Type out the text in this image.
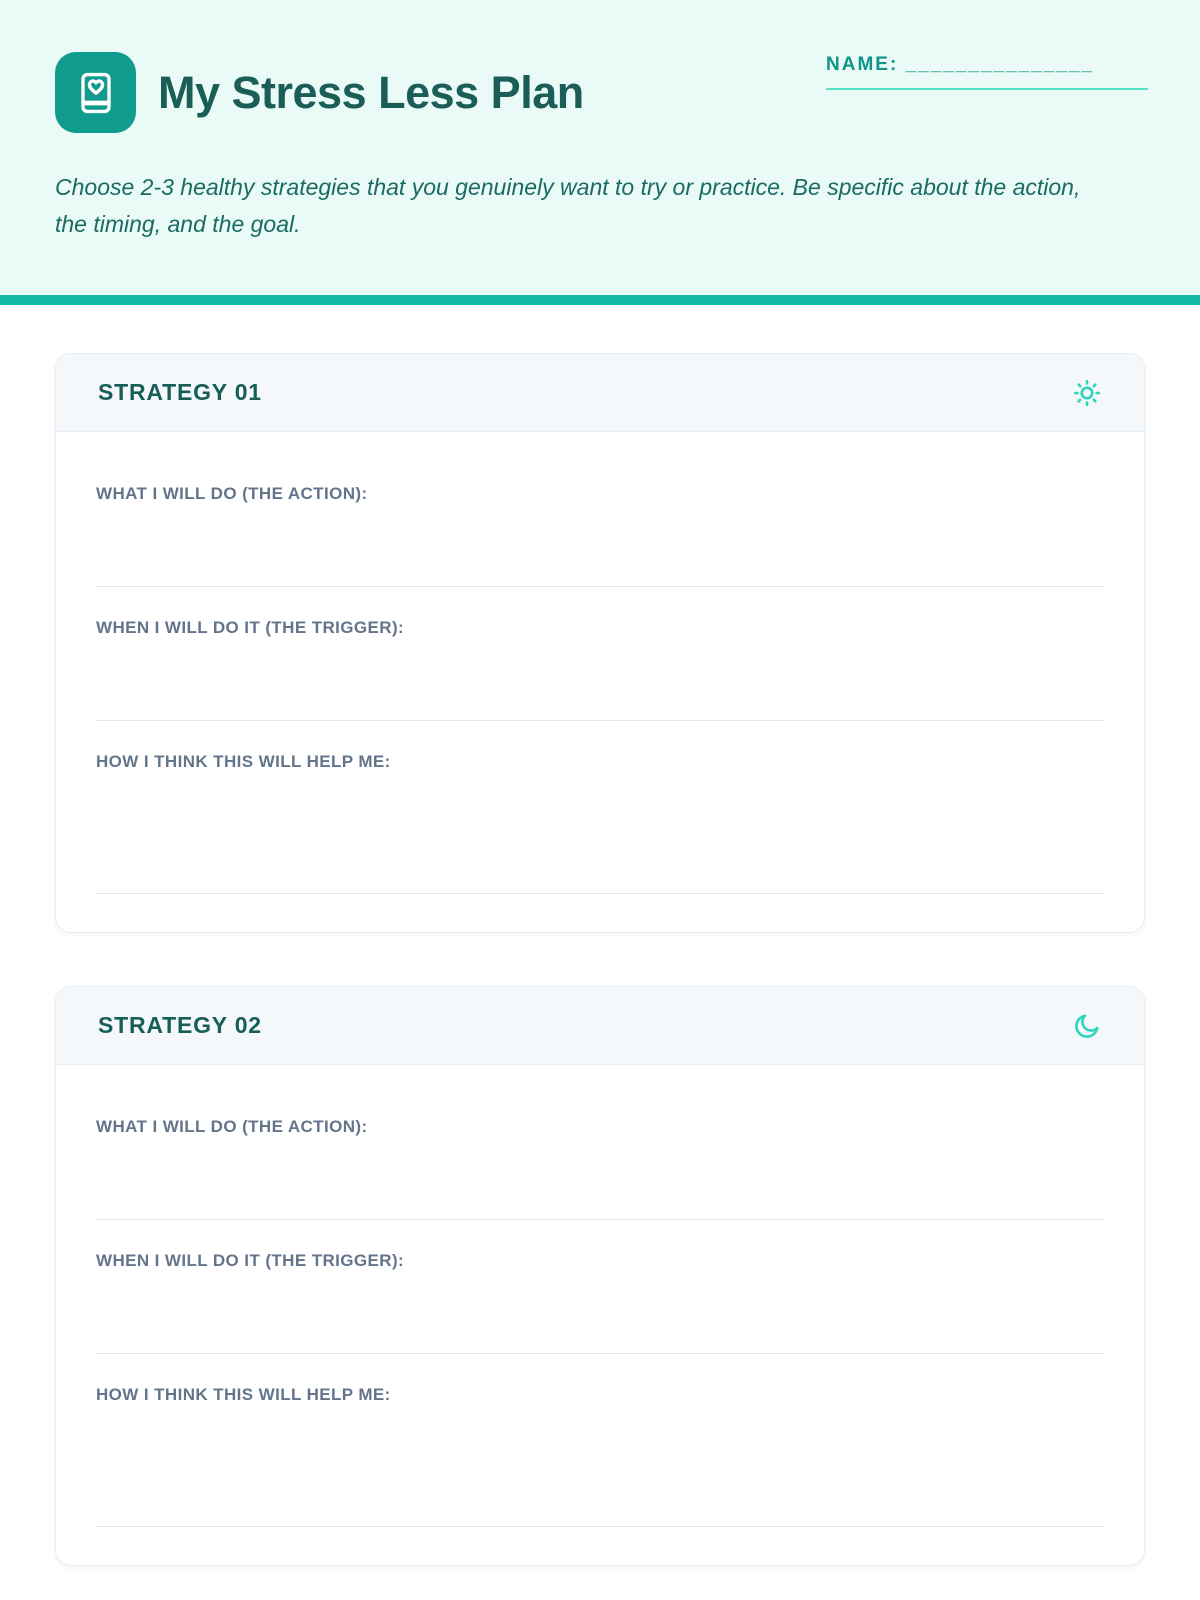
My Stress Less Plan
NAME: _______________

Choose 2-3 healthy strategies that you genuinely want to try or practice. Be specific about the action, the timing, and the goal.

STRATEGY 01
WHAT I WILL DO (THE ACTION):
WHEN I WILL DO IT (THE TRIGGER):
HOW I THINK THIS WILL HELP ME:
STRATEGY 02
WHAT I WILL DO (THE ACTION):
WHEN I WILL DO IT (THE TRIGGER):
HOW I THINK THIS WILL HELP ME:
